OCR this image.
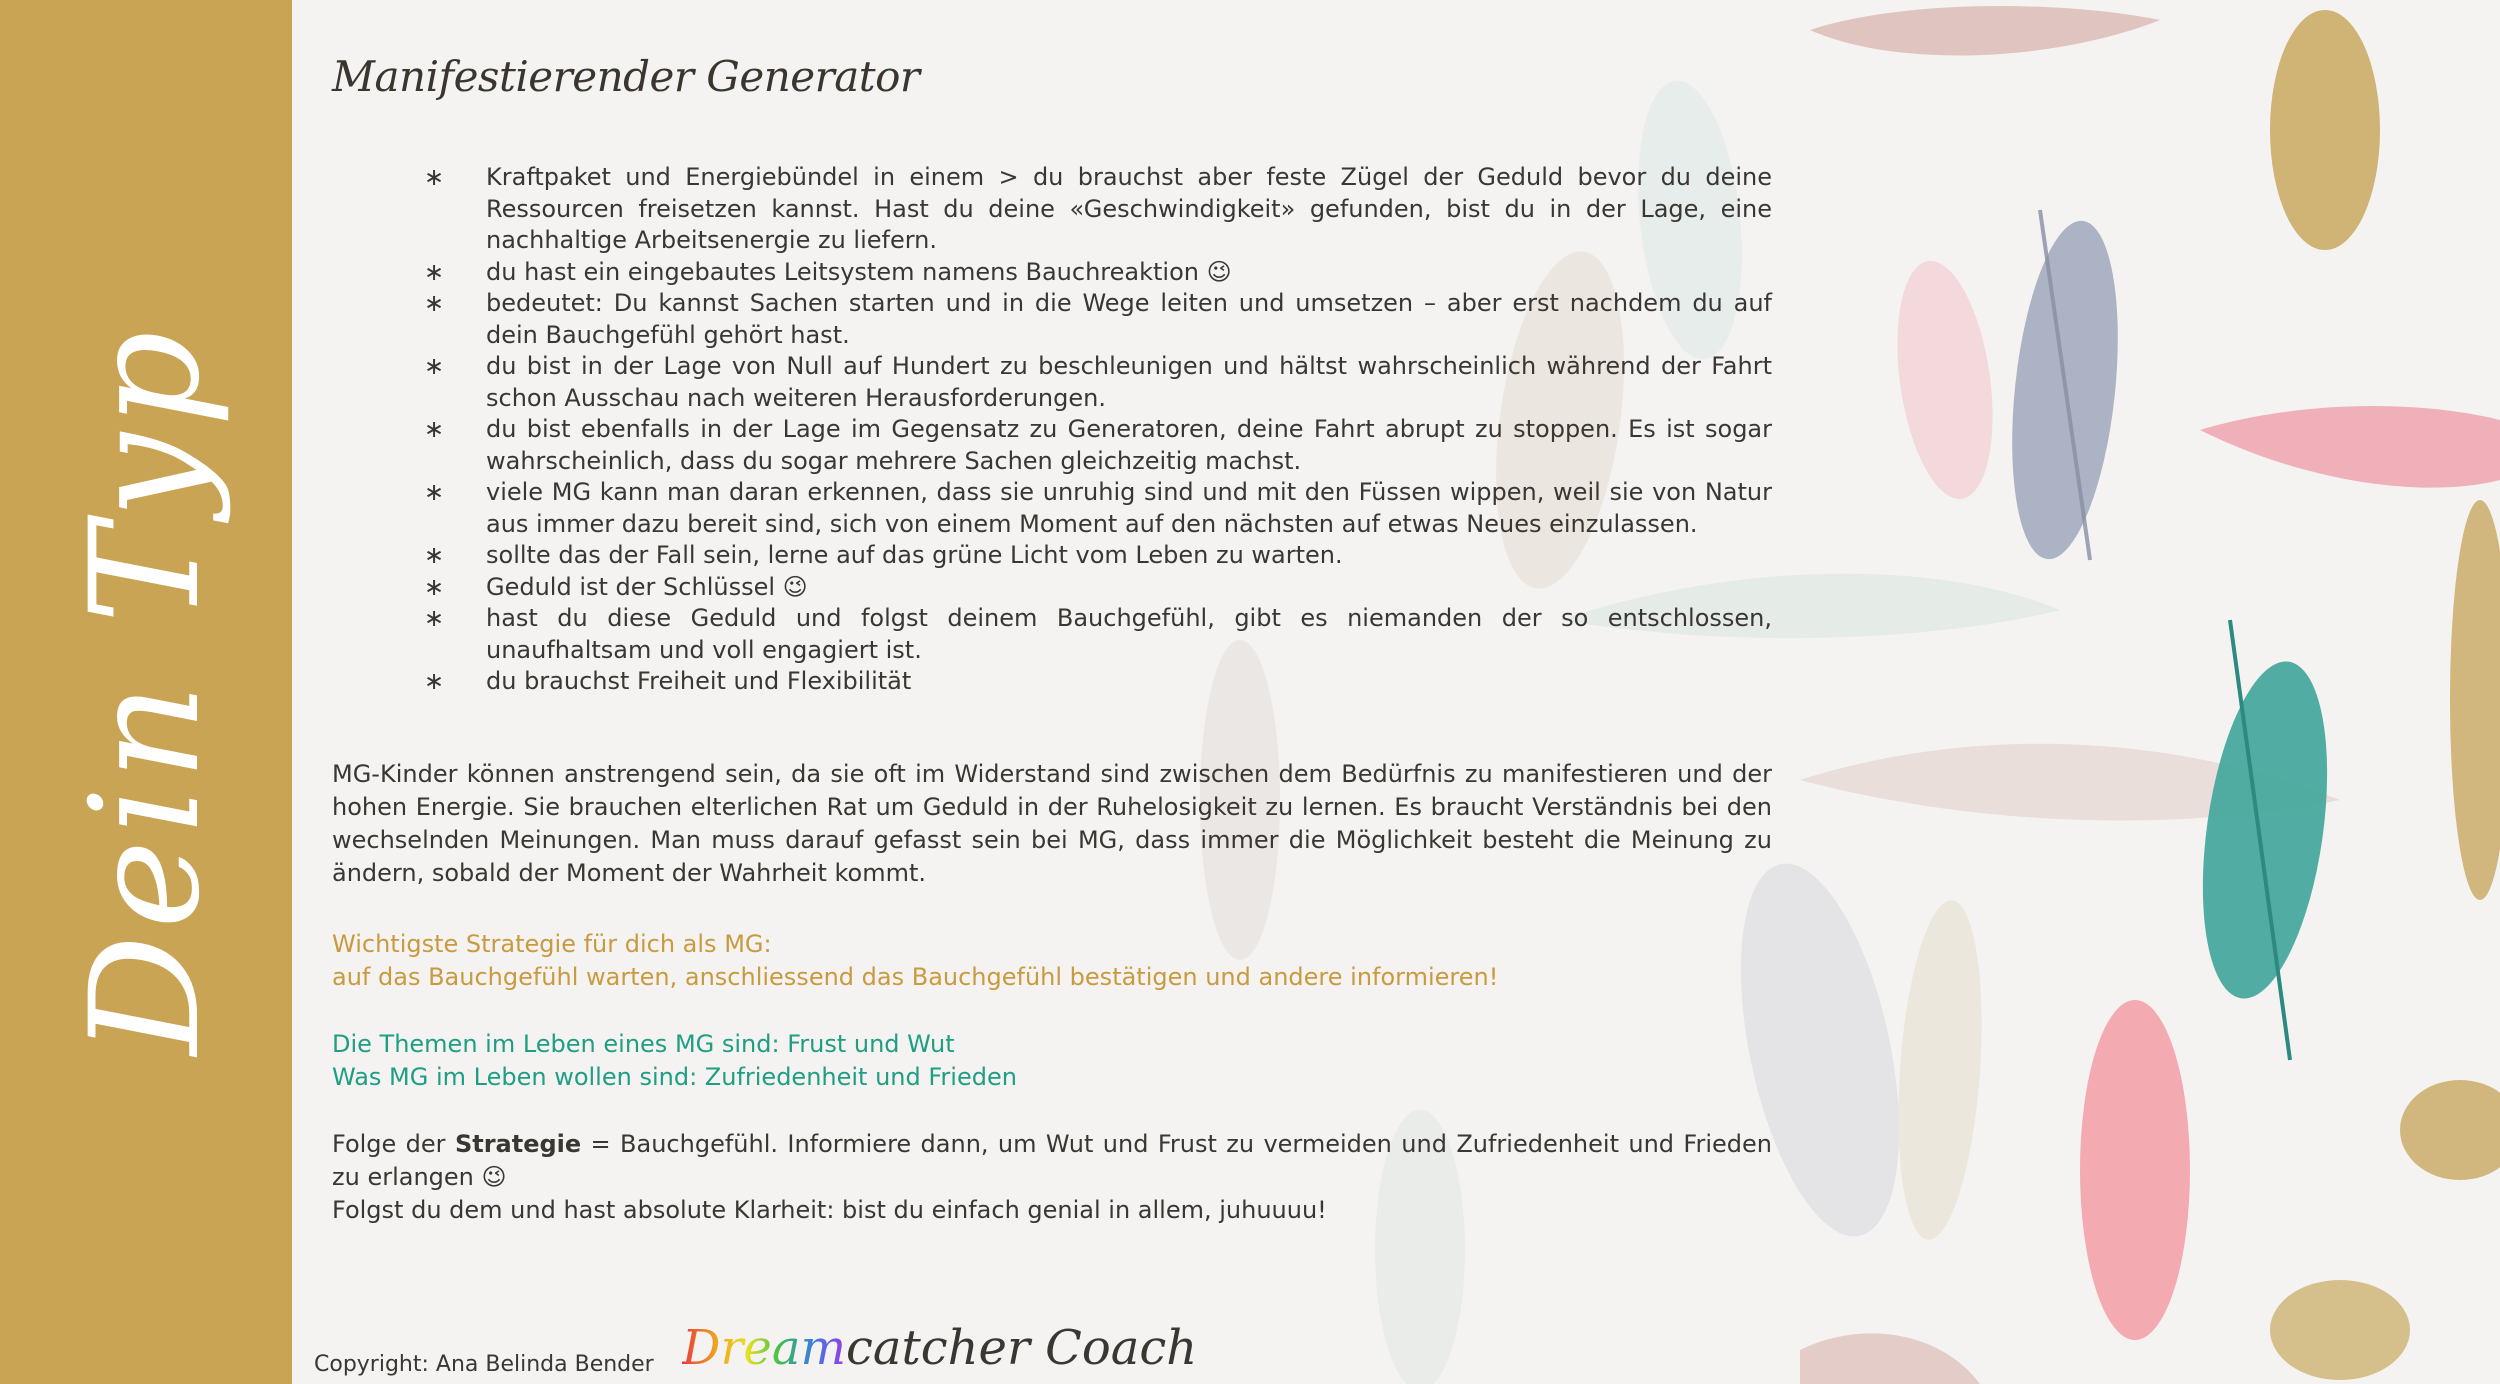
Dein Typ
Manifestierender Generator
∗	Kraftpaket und Energiebündel in einem > du brauchst aber feste Zügel der Geduld bevor du deine Ressourcen freisetzen kannst. Hast du deine «Geschwindigkeit» gefunden, bist du in der Lage, eine nachhaltige Arbeitsenergie zu liefern.
∗	du hast ein eingebautes Leitsystem namens Bauchreaktion 😉
∗	bedeutet: Du kannst Sachen starten und in die Wege leiten und umsetzen – aber erst nachdem du auf dein Bauchgefühl gehört hast.
∗	du bist in der Lage von Null auf Hundert zu beschleunigen und hältst wahrscheinlich während der Fahrt schon Ausschau nach weiteren Herausforderungen.
∗	du bist ebenfalls in der Lage im Gegensatz zu Generatoren, deine Fahrt abrupt zu stoppen. Es ist sogar wahrscheinlich, dass du sogar mehrere Sachen gleichzeitig machst.
∗	viele MG kann man daran erkennen, dass sie unruhig sind und mit den Füssen wippen, weil sie von Natur aus immer dazu bereit sind, sich von einem Moment auf den nächsten auf etwas Neues einzulassen.
∗	sollte das der Fall sein, lerne auf das grüne Licht vom Leben zu warten.
∗	Geduld ist der Schlüssel 😉
∗	hast du diese Geduld und folgst deinem Bauchgefühl, gibt es niemanden der so entschlossen, unaufhaltsam und voll engagiert ist.
∗	du brauchst Freiheit und Flexibilität

MG-Kinder können anstrengend sein, da sie oft im Widerstand sind zwischen dem Bedürfnis zu manifestieren und der hohen Energie. Sie brauchen elterlichen Rat um Geduld in der Ruhelosigkeit zu lernen. Es braucht Verständnis bei den wechselnden Meinungen. Man muss darauf gefasst sein bei MG, dass immer die Möglichkeit besteht die Meinung zu ändern, sobald der Moment der Wahrheit kommt.

Wichtigste Strategie für dich als MG:

auf das Bauchgefühl warten, anschliessend das Bauchgefühl bestätigen und andere informieren!

Die Themen im Leben eines MG sind: Frust und Wut

Was MG im Leben wollen sind: Zufriedenheit und Frieden

Folge der Strategie = Bauchgefühl. Informiere dann, um Wut und Frust zu vermeiden und Zufriedenheit und Frieden zu erlangen 😉

Folgst du dem und hast absolute Klarheit: bist du einfach genial in allem, juhuuuu!

Copyright: Ana Belinda Bender Dreamcatcher Coach
